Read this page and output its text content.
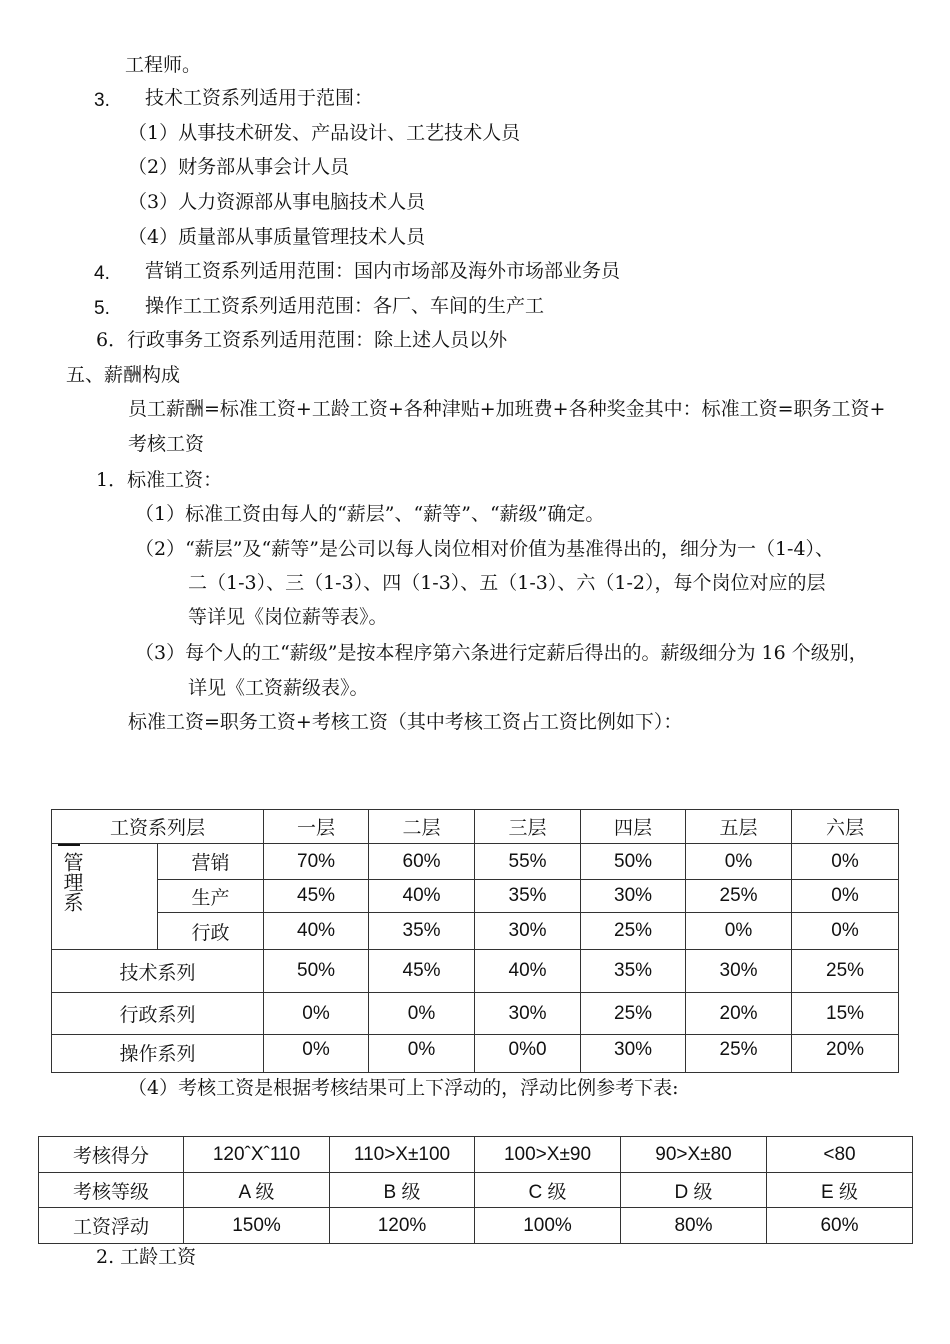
工程师。
3. 技术工资系列适用于范围：
（1）从事技术研发、产品设计、工艺技术人员
（2）财务部从事会计人员
（3）人力资源部从事电脑技术人员
（4）质量部从事质量管理技术人员
4. 营销工资系列适用范围：国内市场部及海外市场部业务员
5. 操作工工资系列适用范围：各厂、车间的生产工
6．行政事务工资系列适用范围：除上述人员以外
五、薪酬构成
员工薪酬=标准工资+工龄工资+各种津贴+加班费+各种奖金其中：标准工资=职务工资+
考核工资
1．标准工资：
（1）标准工资由每人的“薪层”、“薪等”、“薪级”确定。
（2）“薪层”及“薪等”是公司以每人岗位相对价值为基准得出的，细分为一（1-4）、
二（1-3）、三（1-3）、四（1-3）、五（1-3）、六（1-2），每个岗位对应的层
等详见《岗位薪等表》。
（3）每个人的工“薪级”是按本程序第六条进行定薪后得出的。薪级细分为 16 个级别，
详见《工资薪级表》。
标准工资=职务工资+考核工资（其中考核工资占工资比例如下）：
工资系列层		一层	二层	三层	四层	五层	六层

管理系	营销	70%	60%	55%	50%	0%	0%
	生产	45%	40%	35%	30%	25%	0%
	行政	40%	35%	30%	25%	0%	0%
技术系列		50%	45%	40%	35%	30%	25%
行政系列		0%	0%	30%	25%	20%	15%
操作系列		0%	0%	0%0	30%	25%	20%
（4）考核工资是根据考核结果可上下浮动的，浮动比例参考下表:
考核得分	120ˆXˆ110	110>X±100	100>X±90	90>X±80	<80
考核等级	A 级	B 级	C 级	D 级	E 级
工资浮动	150%	120%	100%	80%	60%
2. 工龄工资
